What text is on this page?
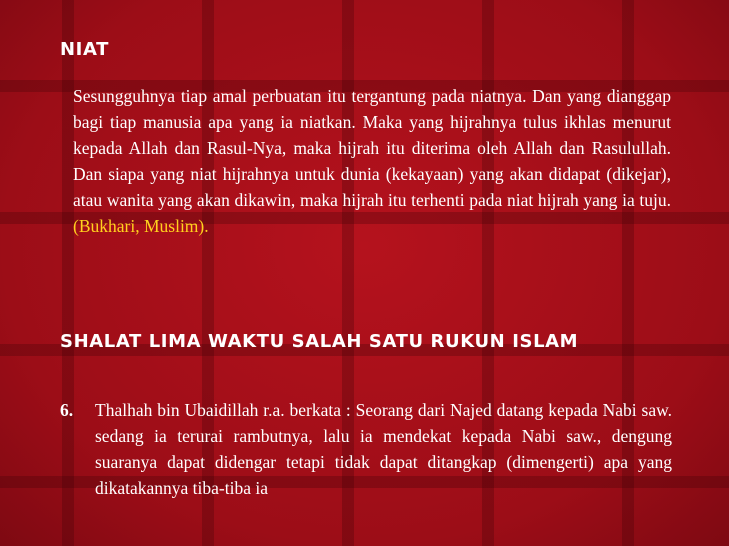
NIAT
Sesungguhnya tiap amal perbuatan itu tergantung pada niatnya. Dan yang dianggap bagi tiap manusia apa yang ia niatkan. Maka yang hijrahnya tulus ikhlas menurut kepada Allah dan Rasul-Nya, maka hijrah itu diterima oleh Allah dan Rasulullah. Dan siapa yang niat hijrahnya untuk dunia (kekayaan) yang akan didapat (dikejar), atau wanita yang akan dikawin, maka hijrah itu terhenti pada niat hijrah yang ia tuju. (Bukhari, Muslim).
SHALAT LIMA WAKTU SALAH SATU RUKUN ISLAM
6. Thalhah bin Ubaidillah r.a. berkata : Seorang dari Najed datang kepada Nabi saw. sedang ia terurai rambutnya, lalu ia mendekat kepada Nabi saw., dengung suaranya dapat didengar tetapi tidak dapat ditangkap (dimengerti) apa yang dikatakannya tiba-tiba ia
